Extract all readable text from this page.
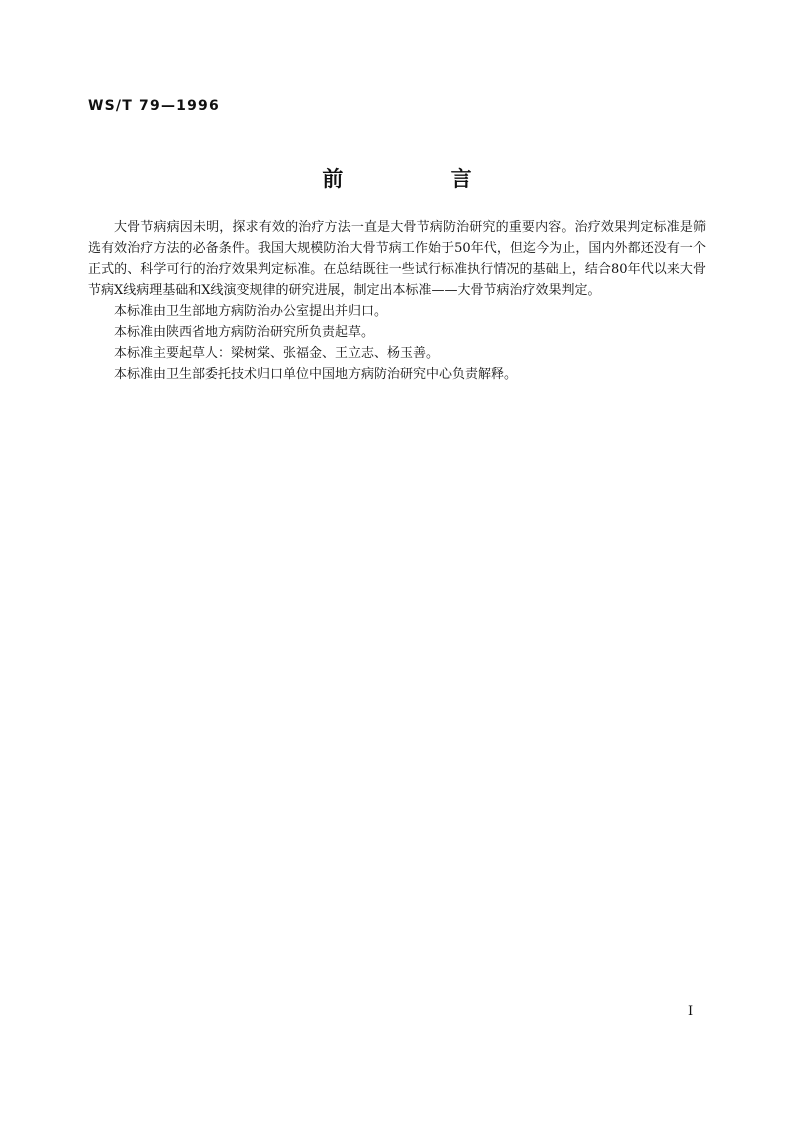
WS/T 79—1996
前 言

大骨节病病因未明，探求有效的治疗方法一直是大骨节病防治研究的重要内容。治疗效果判定标准是筛选有效治疗方法的必备条件。我国大规模防治大骨节病工作始于50年代，但迄今为止，国内外都还没有一个正式的、科学可行的治疗效果判定标准。在总结既往一些试行标准执行情况的基础上，结合80年代以来大骨节病X线病理基础和X线演变规律的研究进展，制定出本标准——大骨节病治疗效果判定。

本标准由卫生部地方病防治办公室提出并归口。

本标准由陕西省地方病防治研究所负责起草。

本标准主要起草人：梁树棠、张福金、王立志、杨玉善。

本标准由卫生部委托技术归口单位中国地方病防治研究中心负责解释。

I
